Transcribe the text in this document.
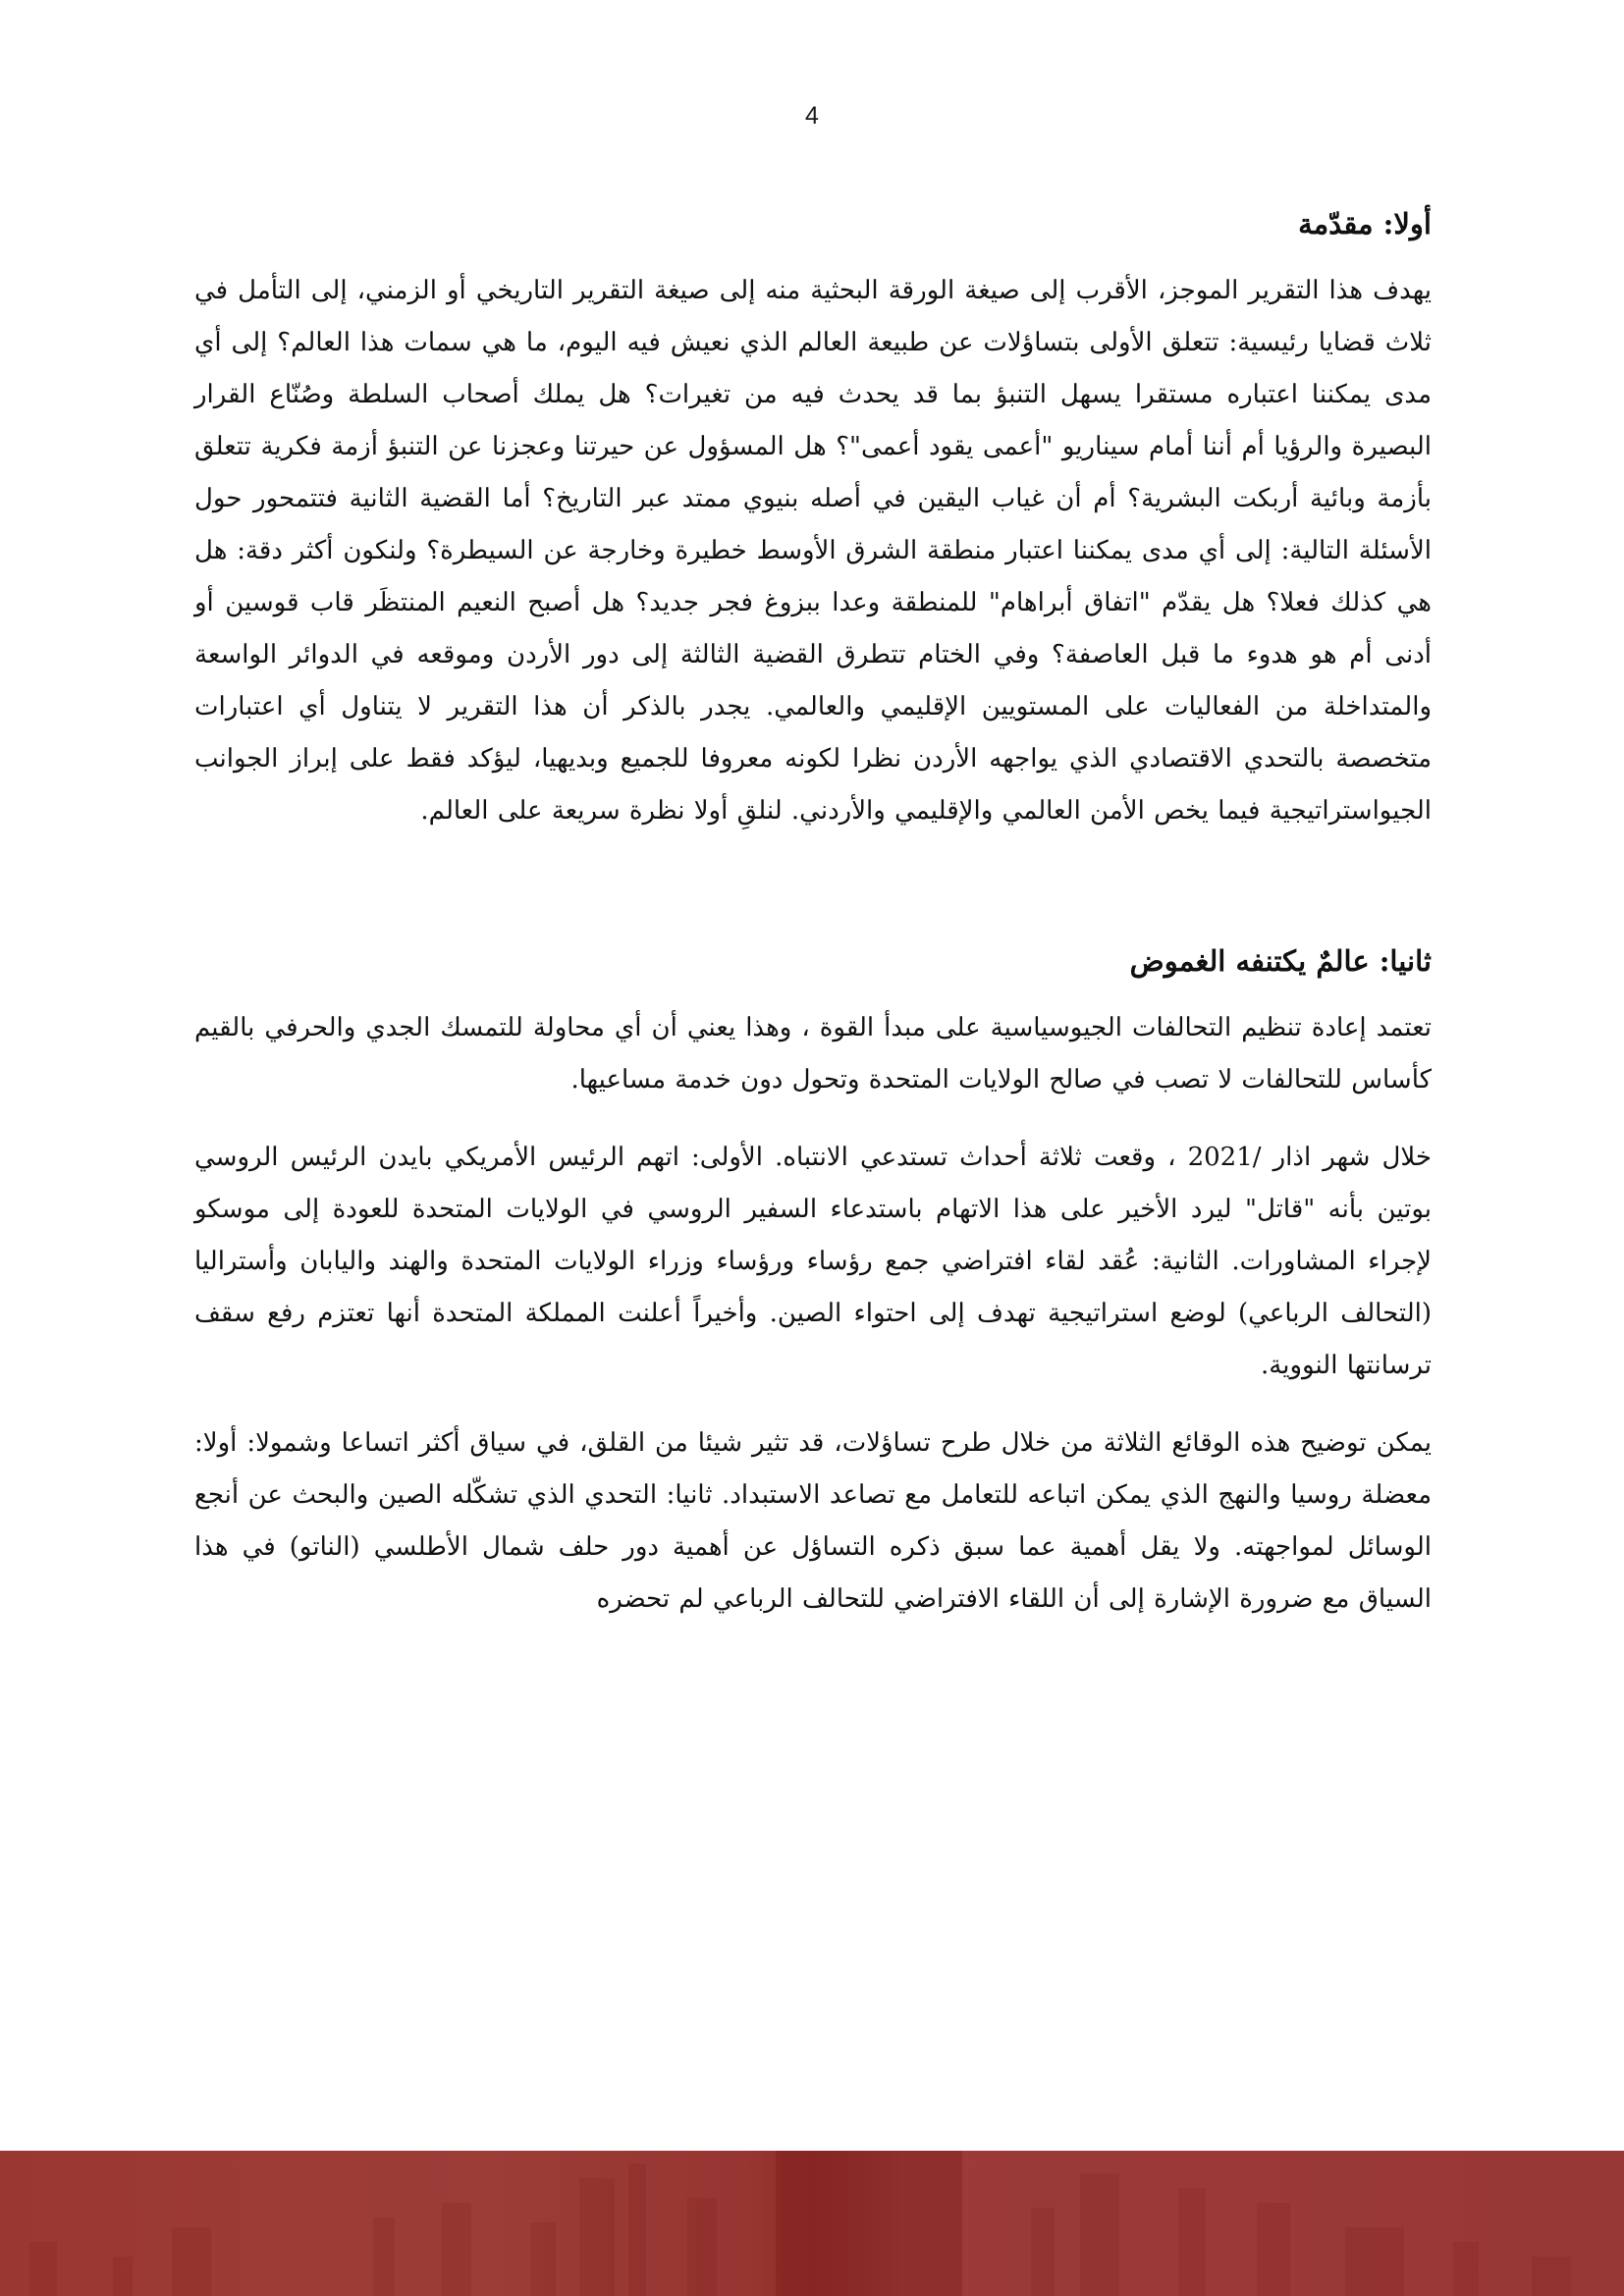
4
أولا: مقدّمة

يهدف هذا التقرير الموجز، الأقرب إلى صيغة الورقة البحثية منه إلى صيغة التقرير التاريخي أو الزمني، إلى التأمل في ثلاث قضايا رئيسية: تتعلق الأولى بتساؤلات عن طبيعة العالم الذي نعيش فيه اليوم، ما هي سمات هذا العالم؟ إلى أي مدى يمكننا اعتباره مستقرا يسهل التنبؤ بما قد يحدث فيه من تغيرات؟ هل يملك أصحاب السلطة وصُنّاع القرار البصيرة والرؤيا أم أننا أمام سيناريو "أعمى يقود أعمى"؟ هل المسؤول عن حيرتنا وعجزنا عن التنبؤ أزمة فكرية تتعلق بأزمة وبائية أربكت البشرية؟ أم أن غياب اليقين في أصله بنيوي ممتد عبر التاريخ؟ أما القضية الثانية فتتمحور حول الأسئلة التالية: إلى أي مدى يمكننا اعتبار منطقة الشرق الأوسط خطيرة وخارجة عن السيطرة؟ ولنكون أكثر دقة: هل هي كذلك فعلا؟ هل يقدّم "اتفاق أبراهام" للمنطقة وعدا ببزوغ فجر جديد؟ هل أصبح النعيم المنتظَر قاب قوسين أو أدنى أم هو هدوء ما قبل العاصفة؟ وفي الختام تتطرق القضية الثالثة إلى دور الأردن وموقعه في الدوائر الواسعة والمتداخلة من الفعاليات على المستويين الإقليمي والعالمي. يجدر بالذكر أن هذا التقرير لا يتناول أي اعتبارات متخصصة بالتحدي الاقتصادي الذي يواجهه الأردن نظرا لكونه معروفا للجميع وبديهيا، ليؤكد فقط على إبراز الجوانب الجيواستراتيجية فيما يخص الأمن العالمي والإقليمي والأردني. لنلقِ أولا نظرة سريعة على العالم.

ثانيا: عالمٌ يكتنفه الغموض

تعتمد إعادة تنظيم التحالفات الجيوسياسية على مبدأ القوة ، وهذا يعني أن أي محاولة للتمسك الجدي والحرفي بالقيم كأساس للتحالفات لا تصب في صالح الولايات المتحدة وتحول دون خدمة مساعيها.

خلال شهر اذار /2021 ، وقعت ثلاثة أحداث تستدعي الانتباه. الأولى: اتهم الرئيس الأمريكي بايدن الرئيس الروسي بوتين بأنه "قاتل" ليرد الأخير على هذا الاتهام باستدعاء السفير الروسي في الولايات المتحدة للعودة إلى موسكو لإجراء المشاورات. الثانية: عُقد لقاء افتراضي جمع رؤساء ورؤساء وزراء الولايات المتحدة والهند واليابان وأستراليا (التحالف الرباعي) لوضع استراتيجية تهدف إلى احتواء الصين. وأخيراً أعلنت المملكة المتحدة أنها تعتزم رفع سقف ترسانتها النووية.

يمكن توضيح هذه الوقائع الثلاثة من خلال طرح تساؤلات، قد تثير شيئا من القلق، في سياق أكثر اتساعا وشمولا: أولا: معضلة روسيا والنهج الذي يمكن اتباعه للتعامل مع تصاعد الاستبداد. ثانيا: التحدي الذي تشكّله الصين والبحث عن أنجع الوسائل لمواجهته. ولا يقل أهمية عما سبق ذكره التساؤل عن أهمية دور حلف شمال الأطلسي (الناتو) في هذا السياق مع ضرورة الإشارة إلى أن اللقاء الافتراضي للتحالف الرباعي لم تحضره
